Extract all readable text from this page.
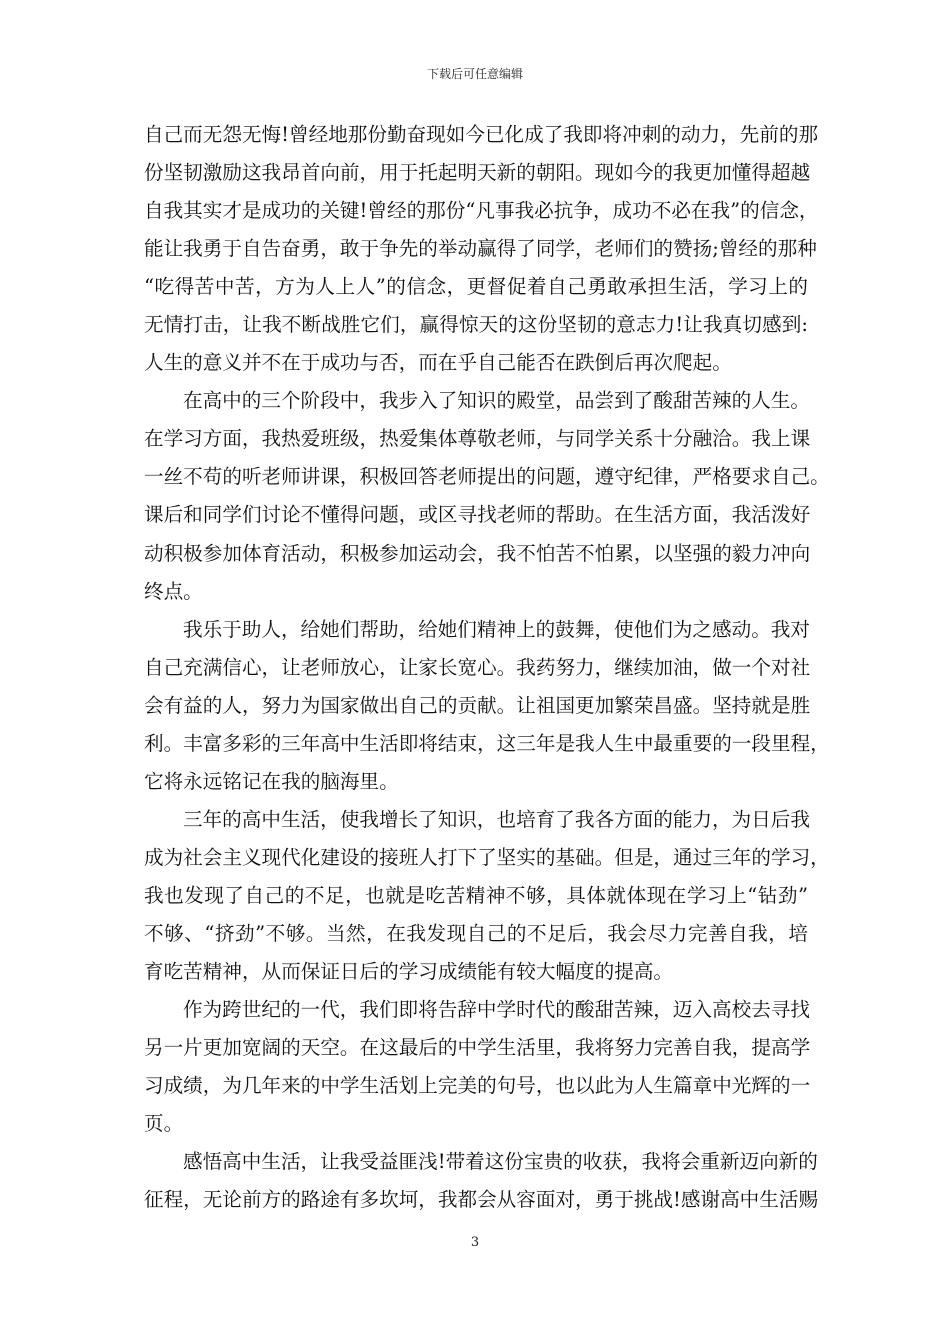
下载后可任意编辑
自己而无怨无悔!曾经地那份勤奋现如今已化成了我即将冲刺的动力，先前的那
份坚韧激励这我昂首向前，用于托起明天新的朝阳。现如今的我更加懂得超越
自我其实才是成功的关键!曾经的那份“凡事我必抗争，成功不必在我”的信念，
能让我勇于自告奋勇，敢于争先的举动赢得了同学，老师们的赞扬;曾经的那种
“吃得苦中苦，方为人上人”的信念，更督促着自己勇敢承担生活，学习上的
无情打击，让我不断战胜它们，赢得惊天的这份坚韧的意志力!让我真切感到:
人生的意义并不在于成功与否，而在乎自己能否在跌倒后再次爬起。
在高中的三个阶段中，我步入了知识的殿堂，品尝到了酸甜苦辣的人生。
在学习方面，我热爱班级，热爱集体尊敬老师，与同学关系十分融洽。我上课
一丝不苟的听老师讲课，积极回答老师提出的问题，遵守纪律，严格要求自己。
课后和同学们讨论不懂得问题，或区寻找老师的帮助。在生活方面，我活泼好
动积极参加体育活动，积极参加运动会，我不怕苦不怕累，以坚强的毅力冲向
终点。
我乐于助人，给她们帮助，给她们精神上的鼓舞，使他们为之感动。我对
自己充满信心，让老师放心，让家长宽心。我药努力，继续加油，做一个对社
会有益的人，努力为国家做出自己的贡献。让祖国更加繁荣昌盛。坚持就是胜
利。丰富多彩的三年高中生活即将结束，这三年是我人生中最重要的一段里程，
它将永远铭记在我的脑海里。
三年的高中生活，使我增长了知识，也培育了我各方面的能力，为日后我
成为社会主义现代化建设的接班人打下了坚实的基础。但是，通过三年的学习，
我也发现了自己的不足，也就是吃苦精神不够，具体就体现在学习上“钻劲”
不够、“挤劲”不够。当然，在我发现自己的不足后，我会尽力完善自我，培
育吃苦精神，从而保证日后的学习成绩能有较大幅度的提高。
作为跨世纪的一代，我们即将告辞中学时代的酸甜苦辣，迈入高校去寻找
另一片更加宽阔的天空。在这最后的中学生活里，我将努力完善自我，提高学
习成绩，为几年来的中学生活划上完美的句号，也以此为人生篇章中光辉的一
页。
感悟高中生活，让我受益匪浅!带着这份宝贵的收获，我将会重新迈向新的
征程，无论前方的路途有多坎坷，我都会从容面对，勇于挑战!感谢高中生活赐
3
